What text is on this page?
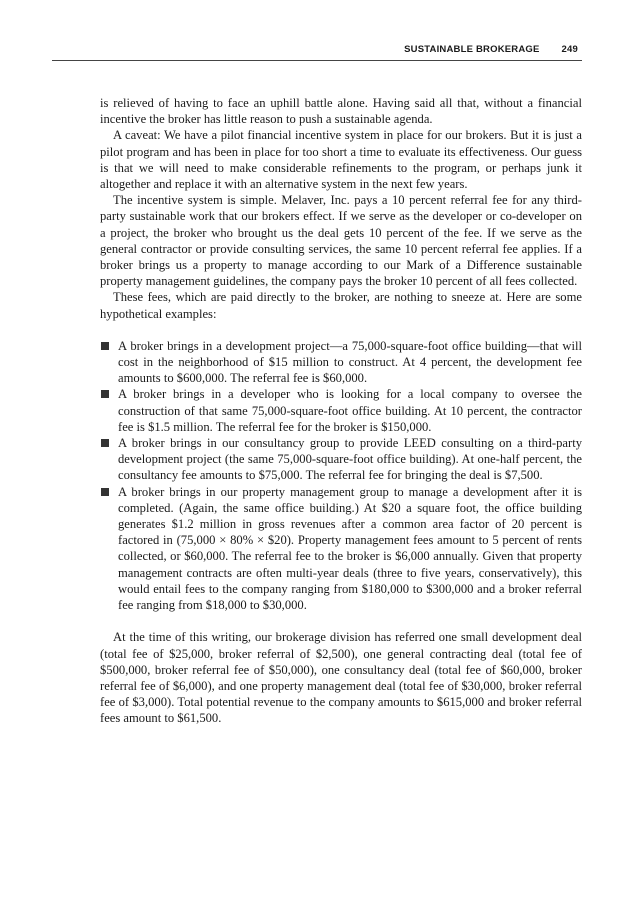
SUSTAINABLE BROKERAGE 249

is relieved of having to face an uphill battle alone. Having said all that, without a financial incentive the broker has little reason to push a sustainable agenda.

A caveat: We have a pilot financial incentive system in place for our brokers. But it is just a pilot program and has been in place for too short a time to evaluate its effectiveness. Our guess is that we will need to make considerable refinements to the program, or perhaps junk it altogether and replace it with an alternative system in the next few years.

The incentive system is simple. Melaver, Inc. pays a 10 percent referral fee for any third-party sustainable work that our brokers effect. If we serve as the developer or co-developer on a project, the broker who brought us the deal gets 10 percent of the fee. If we serve as the general contractor or provide consulting services, the same 10 percent referral fee applies. If a broker brings us a property to manage according to our Mark of a Difference sustainable property management guidelines, the company pays the broker 10 percent of all fees collected.

These fees, which are paid directly to the broker, are nothing to sneeze at. Here are some hypothetical examples:

A broker brings in a development project—a 75,000-square-foot office building—that will cost in the neighborhood of $15 million to construct. At 4 percent, the development fee amounts to $600,000. The referral fee is $60,000.
A broker brings in a developer who is looking for a local company to oversee the construction of that same 75,000-square-foot office building. At 10 percent, the contractor fee is $1.5 million. The referral fee for the broker is $150,000.
A broker brings in our consultancy group to provide LEED consulting on a third-party development project (the same 75,000-square-foot office building). At one-half percent, the consultancy fee amounts to $75,000. The referral fee for bringing the deal is $7,500.
A broker brings in our property management group to manage a development after it is completed. (Again, the same office building.) At $20 a square foot, the office building generates $1.2 million in gross revenues after a common area factor of 20 percent is factored in (75,000 × 80% × $20). Property management fees amount to 5 percent of rents collected, or $60,000. The referral fee to the broker is $6,000 annually. Given that property management contracts are often multi-year deals (three to five years, conservatively), this would entail fees to the company ranging from $180,000 to $300,000 and a broker referral fee ranging from $18,000 to $30,000.

At the time of this writing, our brokerage division has referred one small development deal (total fee of $25,000, broker referral of $2,500), one general contracting deal (total fee of $500,000, broker referral fee of $50,000), one consultancy deal (total fee of $60,000, broker referral fee of $6,000), and one property management deal (total fee of $30,000, broker referral fee of $3,000). Total potential revenue to the company amounts to $615,000 and broker referral fees amount to $61,500.
